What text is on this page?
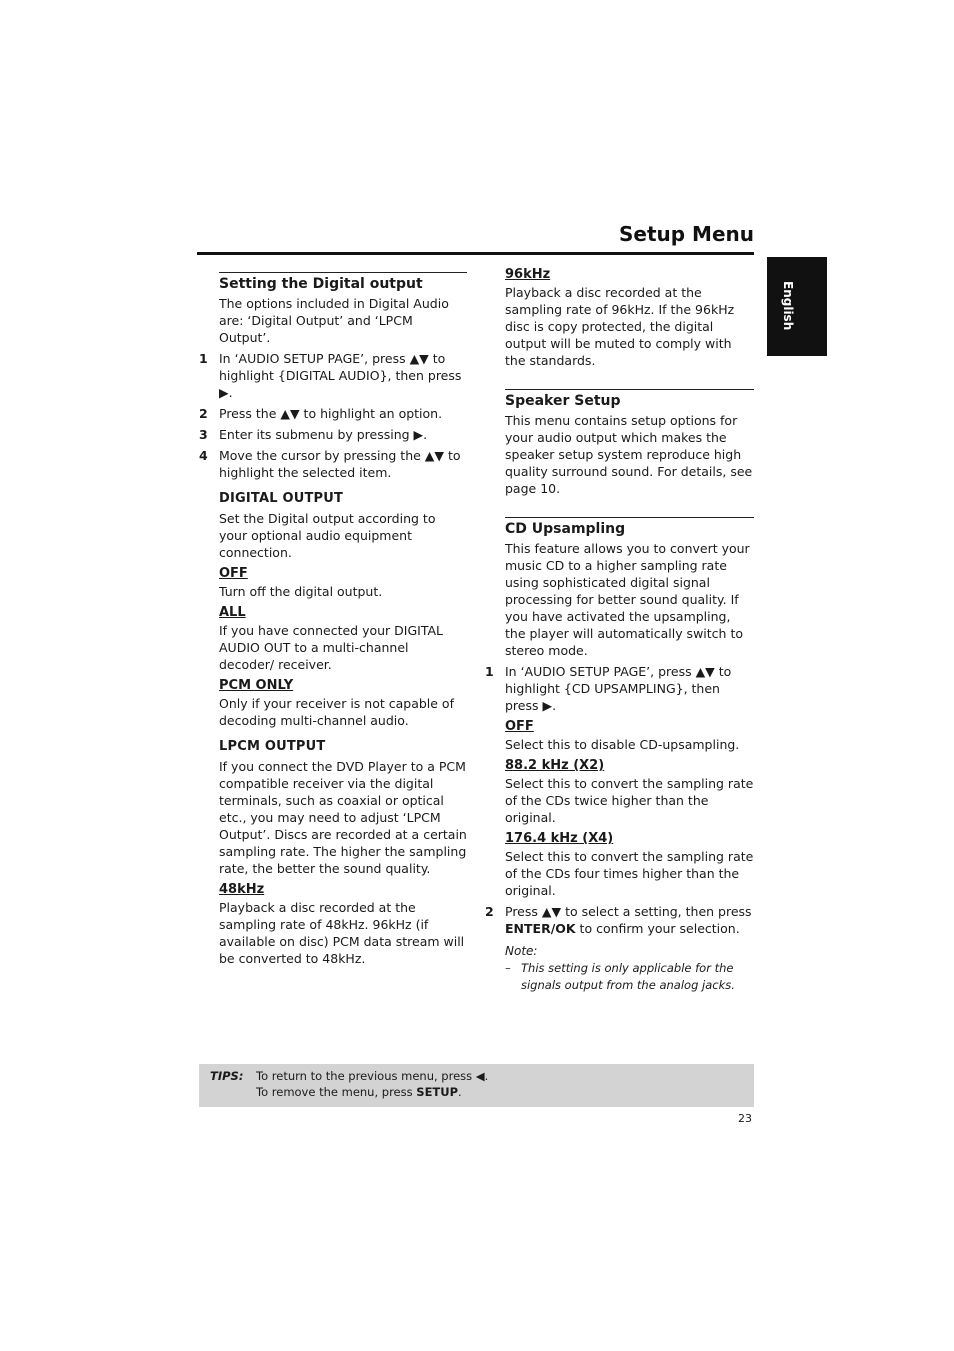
Setup Menu
English
Setting the Digital output

The options included in Digital Audio are: ‘Digital Output’ and ‘LPCM Output’.

1 In ‘AUDIO SETUP PAGE’, press ▲▼ to highlight {DIGITAL AUDIO}, then press ▶.
2 Press the ▲▼ to highlight an option.
3 Enter its submenu by pressing ▶.
4 Move the cursor by pressing the ▲▼ to highlight the selected item.
DIGITAL OUTPUT

Set the Digital output according to your optional audio equipment connection.

OFF

Turn off the digital output.

ALL

If you have connected your DIGITAL AUDIO OUT to a multi-channel decoder/ receiver.

PCM ONLY

Only if your receiver is not capable of decoding multi-channel audio.

LPCM OUTPUT

If you connect the DVD Player to a PCM compatible receiver via the digital terminals, such as coaxial or optical etc., you may need to adjust ‘LPCM Output’. Discs are recorded at a certain sampling rate. The higher the sampling rate, the better the sound quality.

48kHz

Playback a disc recorded at the sampling rate of 48kHz. 96kHz (if available on disc) PCM data stream will be converted to 48kHz.

96kHz

Playback a disc recorded at the sampling rate of 96kHz. If the 96kHz disc is copy protected, the digital output will be muted to comply with the standards.

Speaker Setup

This menu contains setup options for your audio output which makes the speaker setup system reproduce high quality surround sound. For details, see page 10.

CD Upsampling

This feature allows you to convert your music CD to a higher sampling rate using sophisticated digital signal processing for better sound quality. If you have activated the upsampling, the player will automatically switch to stereo mode.

1 In ‘AUDIO SETUP PAGE’, press ▲▼ to highlight {CD UPSAMPLING}, then press ▶.
OFF

Select this to disable CD-upsampling.

88.2 kHz (X2)

Select this to convert the sampling rate of the CDs twice higher than the original.

176.4 kHz (X4)

Select this to convert the sampling rate of the CDs four times higher than the original.

2 Press ▲▼ to select a setting, then press ENTER/OK to confirm your selection.
Note:
– This setting is only applicable for the signals output from the analog jacks.
TIPS: To return to the previous menu, press ◀.
To remove the menu, press SETUP.
23
